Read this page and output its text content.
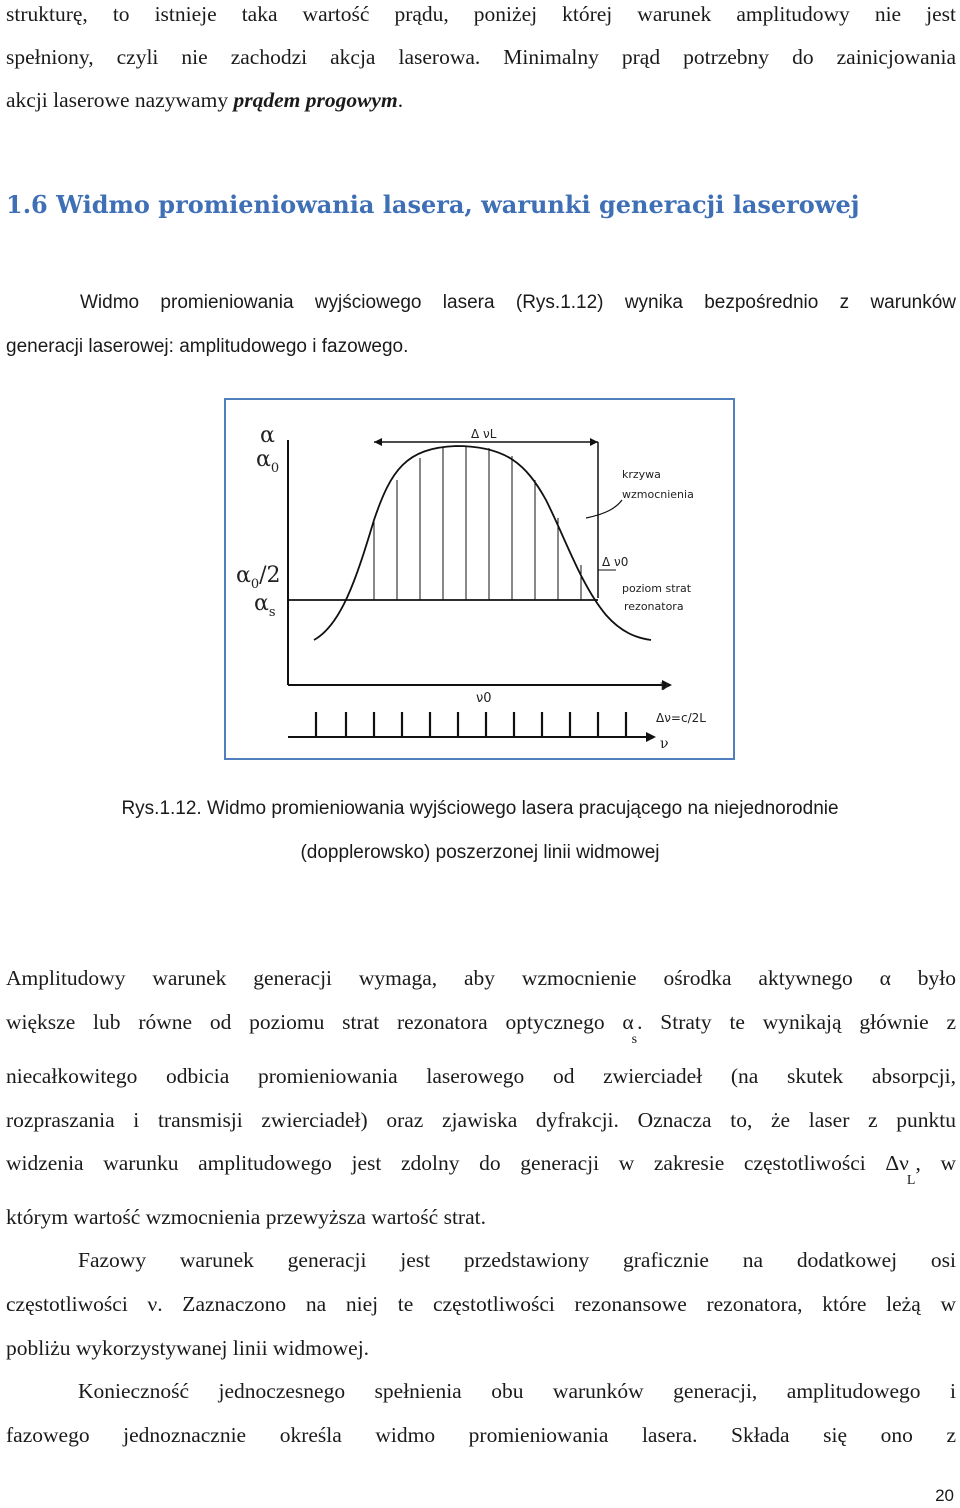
strukturę, to istnieje taka wartość prądu, poniżej której warunek amplitudowy nie jest
spełniony, czyli nie zachodzi akcja laserowa. Minimalny prąd potrzebny do zainicjowania
akcji laserowe nazywamy prądem progowym.
1.6 Widmo promieniowania lasera, warunki generacji laserowej
Widmo promieniowania wyjściowego lasera (Rys.1.12) wynika bezpośrednio z warunków
generacji laserowej: amplitudowego i fazowego.
α
$\alpha_0$
$\alpha_0/2$
$\alpha_s$
Δ νL
krzywa
wzmocnienia
Δ ν0
poziom strat
rezonatora
ν
ν0
Δν=c/2L
ν
Rys.1.12. Widmo promieniowania wyjściowego lasera pracującego na niejednorodnie
(dopplerowsko) poszerzonej linii widmowej
Amplitudowy warunek generacji wymaga, aby wzmocnienie ośrodka aktywnego α było
większe lub równe od poziomu strat rezonatora optycznego $\alpha_s$. Straty te wynikają głównie z
niecałkowitego odbicia promieniowania laserowego od zwierciadeł (na skutek absorpcji,
rozpraszania i transmisji zwierciadeł) oraz zjawiska dyfrakcji. Oznacza to, że laser z punktu
widzenia warunku amplitudowego jest zdolny do generacji w zakresie częstotliwości $\Delta\nu_L$, w
którym wartość wzmocnienia przewyższa wartość strat.
Fazowy warunek generacji jest przedstawiony graficznie na dodatkowej osi
częstotliwości ν. Zaznaczono na niej te częstotliwości rezonansowe rezonatora, które leżą w
pobliżu wykorzystywanej linii widmowej.
Konieczność jednoczesnego spełnienia obu warunków generacji, amplitudowego i
fazowego jednoznacznie określa widmo promieniowania lasera. Składa się ono z
20
